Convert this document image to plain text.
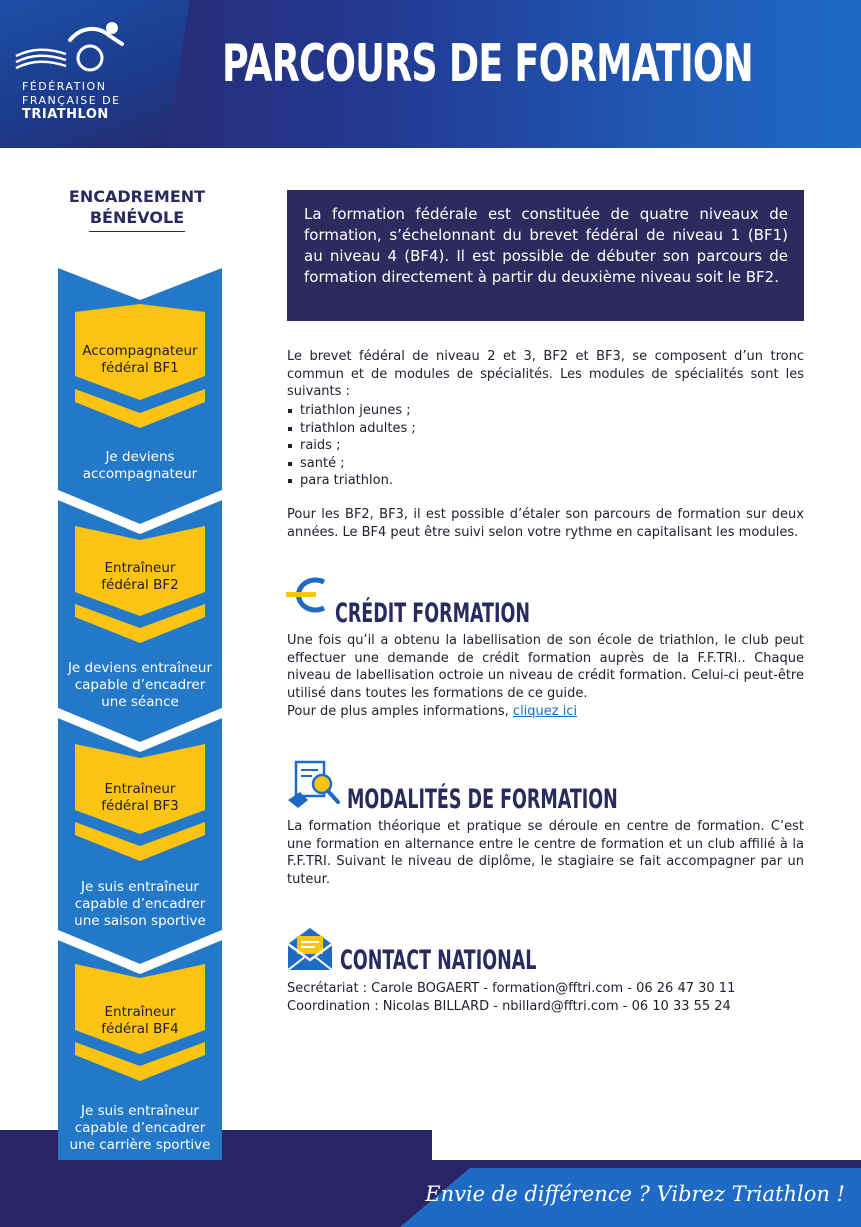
FÉDÉRATION
FRANÇAISE DE
TRIATHLON
PARCOURS DE FORMATION
ENCADREMENT
BÉNÉVOLE
Accompagnateur
fédéral BF1
Je deviens
accompagnateur
Entraîneur
fédéral BF2
Je deviens entraîneur
capable d’encadrer
une séance
Entraîneur
fédéral BF3
Je suis entraîneur
capable d’encadrer
une saison sportive
Entraîneur
fédéral BF4
Je suis entraîneur
capable d’encadrer
une carrière sportive
La formation fédérale est constituée de quatre niveaux de formation, s’échelonnant du brevet fédéral de niveau 1 (BF1) au niveau 4 (BF4). Il est possible de débuter son parcours de formation directement à partir du deuxième niveau soit le BF2.

Le brevet fédéral de niveau 2 et 3, BF2 et BF3, se composent d’un tronc commun et de modules de spécialités. Les modules de spécialités sont les suivants :

triathlon jeunes ;
triathlon adultes ;
raids ;
santé ;
para triathlon.

Pour les BF2, BF3, il est possible d’étaler son parcours de formation sur deux années. Le BF4 peut être suivi selon votre rythme en capitalisant les modules.

CRÉDIT FORMATION

Une fois qu’il a obtenu la labellisation de son école de triathlon, le club peut effectuer une demande de crédit formation auprès de la F.F.TRI.. Chaque niveau de labellisation octroie un niveau de crédit formation. Celui-ci peut-être utilisé dans toutes les formations de ce guide.

Pour de plus amples informations, cliquez ici
MODALITÉS DE FORMATION

La formation théorique et pratique se déroule en centre de formation. C’est une formation en alternance entre le centre de formation et un club affilié à la F.F.TRI. Suivant le niveau de diplôme, le stagiaire se fait accompagner par un tuteur.

CONTACT NATIONAL
Secrétariat : Carole BOGAERT - formation@fftri.com - 06 26 47 30 11
Coordination : Nicolas BILLARD - nbillard@fftri.com - 06 10 33 55 24
Envie de différence ? Vibrez Triathlon !
